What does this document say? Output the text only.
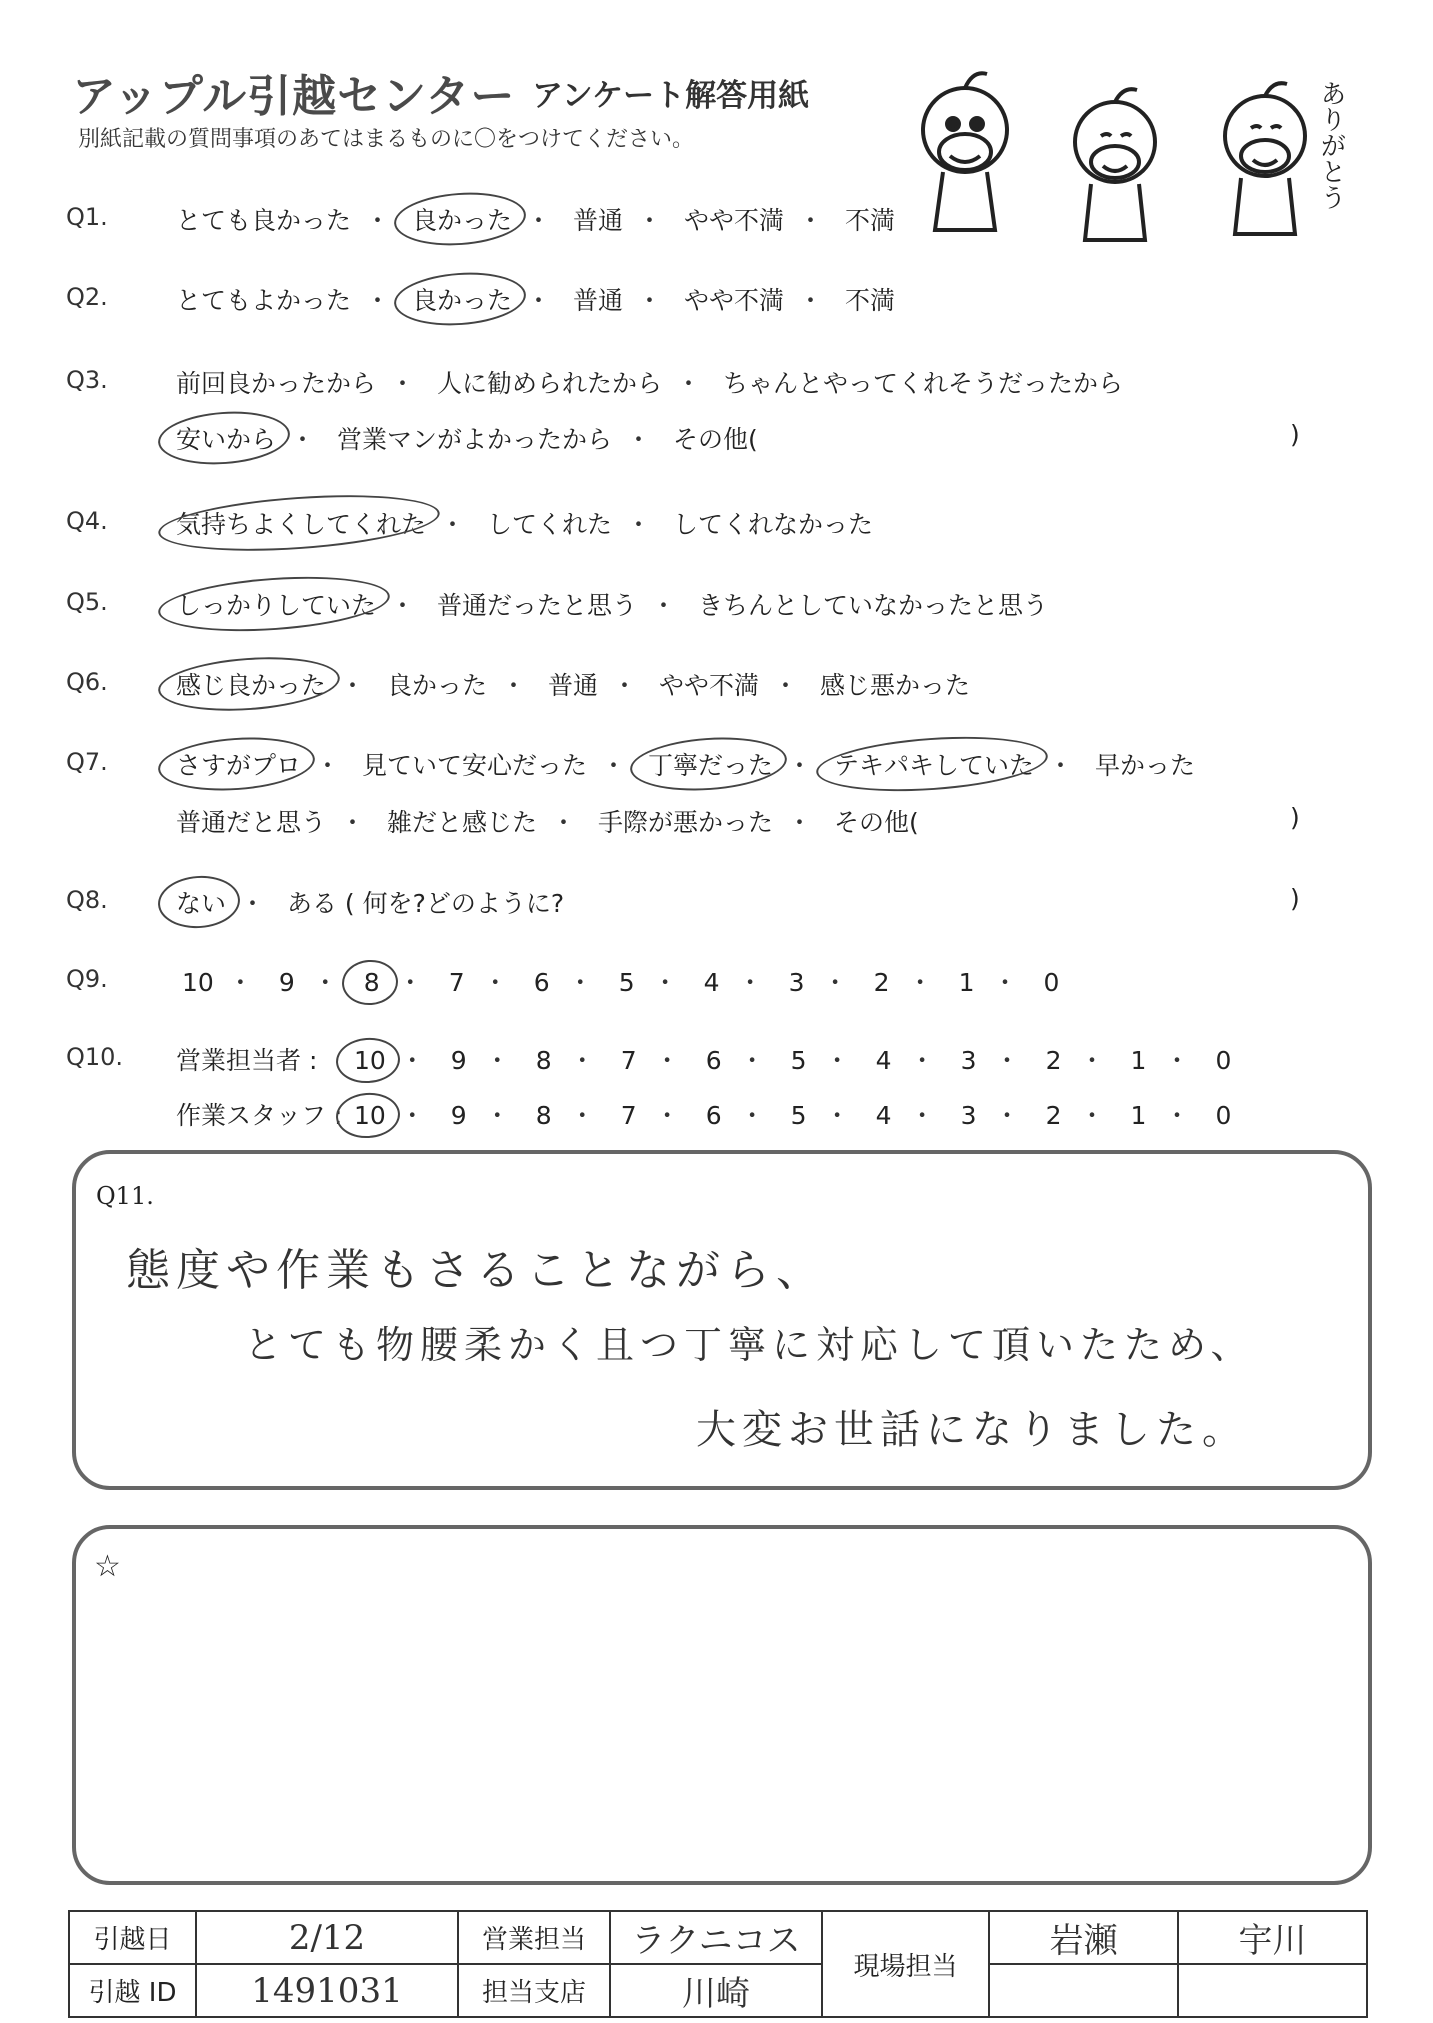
アップル引越センター アンケート解答用紙
別紙記載の質問事項のあてはまるものに〇をつけてください。	ありがとう
Q1.	とても良かった ・ 良かった ・ 普通 ・ やや不満 ・ 不満
Q2.	とてもよかった ・ 良かった ・ 普通 ・ やや不満 ・ 不満
Q3.	前回良かったから ・ 人に勧められたから ・ ちゃんとやってくれそうだったから
安いから ・ 営業マンがよかったから ・ その他(	)
Q4.	気持ちよくしてくれた ・ してくれた ・ してくれなかった
Q5.	しっかりしていた ・ 普通だったと思う ・ きちんとしていなかったと思う
Q6.	感じ良かった ・ 良かった ・ 普通 ・ やや不満 ・ 感じ悪かった
Q7.	さすがプロ ・ 見ていて安心だった ・ 丁寧だった ・ テキパキしていた ・ 早かった
普通だと思う ・ 雑だと感じた ・ 手際が悪かった ・ その他(	)
Q8.	ない ・ ある ( 何を?どのように?	)
Q9.	10 ・ 9 ・ 8 ・ 7 ・ 6 ・ 5 ・ 4 ・ 3 ・ 2 ・ 1 ・ 0
Q10. 営業担当者 : 10 ・ 9 ・ 8 ・ 7 ・ 6 ・ 5 ・ 4 ・ 3 ・ 2 ・ 1 ・ 0
作業スタッフ : 10 ・ 9 ・ 8 ・ 7 ・ 6 ・ 5 ・ 4 ・ 3 ・ 2 ・ 1 ・ 0
Q11.
態度や作業もさることながら、
とても物腰柔かく且つ丁寧に対応して頂いたため、
大変お世話になりました。
☆
引越日	2/12	営業担当	ラクニコス	現場担当	岩瀬	宇川
引越 ID	1491031	担当支店	川崎			
